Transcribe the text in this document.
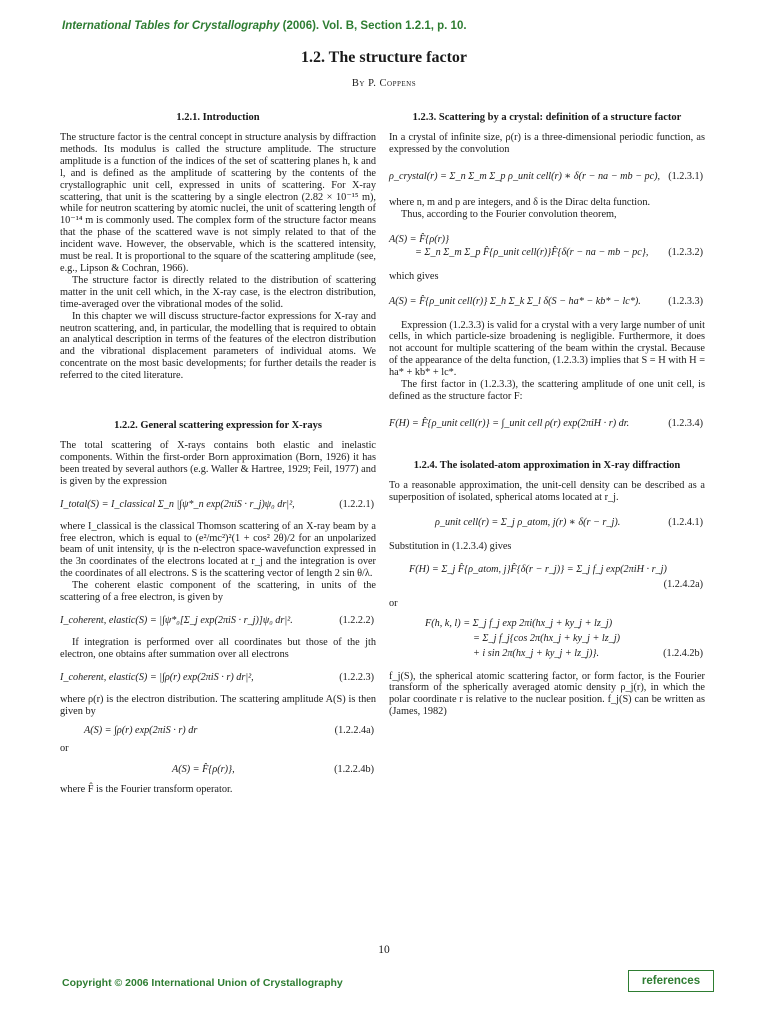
International Tables for Crystallography (2006). Vol. B, Section 1.2.1, p. 10.
1.2. The structure factor
By P. Coppens
1.2.1. Introduction

The structure factor is the central concept in structure analysis by diffraction methods. Its modulus is called the structure amplitude. The structure amplitude is a function of the indices of the set of scattering planes h, k and l, and is defined as the amplitude of scattering by the contents of the crystallographic unit cell, expressed in units of scattering. For X-ray scattering, that unit is the scattering by a single electron (2.82 × 10⁻¹⁵ m), while for neutron scattering by atomic nuclei, the unit of scattering length of 10⁻¹⁴ m is commonly used. The complex form of the structure factor means that the phase of the scattered wave is not simply related to that of the incident wave. However, the observable, which is the scattered intensity, must be real. It is proportional to the square of the scattering amplitude (see, e.g., Lipson & Cochran, 1966).

The structure factor is directly related to the distribution of scattering matter in the unit cell which, in the X-ray case, is the electron distribution, time-averaged over the vibrational modes of the solid.

In this chapter we will discuss structure-factor expressions for X-ray and neutron scattering, and, in particular, the modelling that is required to obtain an analytical description in terms of the features of the electron distribution and the vibrational displacement parameters of individual atoms. We concentrate on the most basic developments; for further details the reader is referred to the cited literature.

1.2.2. General scattering expression for X-rays

The total scattering of X-rays contains both elastic and inelastic components. Within the first-order Born approximation (Born, 1926) it has been treated by several authors (e.g. Waller & Hartree, 1929; Feil, 1977) and is given by the expression

I_total(S) = I_classical Σ_n |∫ψ*_n exp(2πiS · r_j)ψ₀ dr|²,	(1.2.2.1)

where I_classical is the classical Thomson scattering of an X-ray beam by a free electron, which is equal to (e²/mc²)²(1 + cos² 2θ)/2 for an unpolarized beam of unit intensity, ψ is the n-electron space-wavefunction expressed in the 3n coordinates of the electrons located at r_j and the integration is over the coordinates of all electrons. S is the scattering vector of length 2 sin θ/λ.

The coherent elastic component of the scattering, in units of the scattering of a free electron, is given by

I_coherent, elastic(S) = |∫ψ*₀[Σ_j exp(2πiS · r_j)]ψ₀ dr|².	(1.2.2.2)

If integration is performed over all coordinates but those of the jth electron, one obtains after summation over all electrons

I_coherent, elastic(S) = |∫ρ(r) exp(2πiS · r) dr|²,	(1.2.2.3)

where ρ(r) is the electron distribution. The scattering amplitude A(S) is then given by

A(S) = ∫ρ(r) exp(2πiS · r) dr	(1.2.2.4a)

or

A(S) = F̂{ρ(r)},	(1.2.2.4b)

where F̂ is the Fourier transform operator.

1.2.3. Scattering by a crystal: definition of a structure factor

In a crystal of infinite size, ρ(r) is a three-dimensional periodic function, as expressed by the convolution

ρ_crystal(r) = Σ_n Σ_m Σ_p ρ_unit cell(r) ∗ δ(r − na − mb − pc), (1.2.3.1)

where n, m and p are integers, and δ is the Dirac delta function.

Thus, according to the Fourier convolution theorem,

A(S) = F̂{ρ(r)}
= Σ_n Σ_m Σ_p F̂{ρ_unit cell(r)}F̂{δ(r − na − mb − pc},	(1.2.3.2)

which gives

A(S) = F̂{ρ_unit cell(r)} Σ_h Σ_k Σ_l δ(S − ha* − kb* − lc*).	(1.2.3.3)

Expression (1.2.3.3) is valid for a crystal with a very large number of unit cells, in which particle-size broadening is negligible. Furthermore, it does not account for multiple scattering of the beam within the crystal. Because of the appearance of the delta function, (1.2.3.3) implies that S = H with H = ha* + kb* + lc*.

The first factor in (1.2.3.3), the scattering amplitude of one unit cell, is defined as the structure factor F:

F(H) = F̂{ρ_unit cell(r)} = ∫_unit cell ρ(r) exp(2πiH · r) dr.	(1.2.3.4)
1.2.4. The isolated-atom approximation in X-ray diffraction

To a reasonable approximation, the unit-cell density can be described as a superposition of isolated, spherical atoms located at r_j.

ρ_unit cell(r) = Σ_j ρ_atom, j(r) ∗ δ(r − r_j).	(1.2.4.1)

Substitution in (1.2.3.4) gives

F(H) = Σ_j F̂{ρ_atom, j}F̂{δ(r − r_j)} = Σ_j f_j exp(2πiH · r_j)
(1.2.4.2a)

or

F(h, k, l) = Σ_j f_j exp 2πi(hx_j + ky_j + lz_j)
= Σ_j f_j{cos 2π(hx_j + ky_j + lz_j)
+ i sin 2π(hx_j + ky_j + lz_j)}.	(1.2.4.2b)

f_j(S), the spherical atomic scattering factor, or form factor, is the Fourier transform of the spherically averaged atomic density ρ_j(r), in which the polar coordinate r is relative to the nuclear position. f_j(S) can be written as (James, 1982)

10
Copyright © 2006 International Union of Crystallography	references
